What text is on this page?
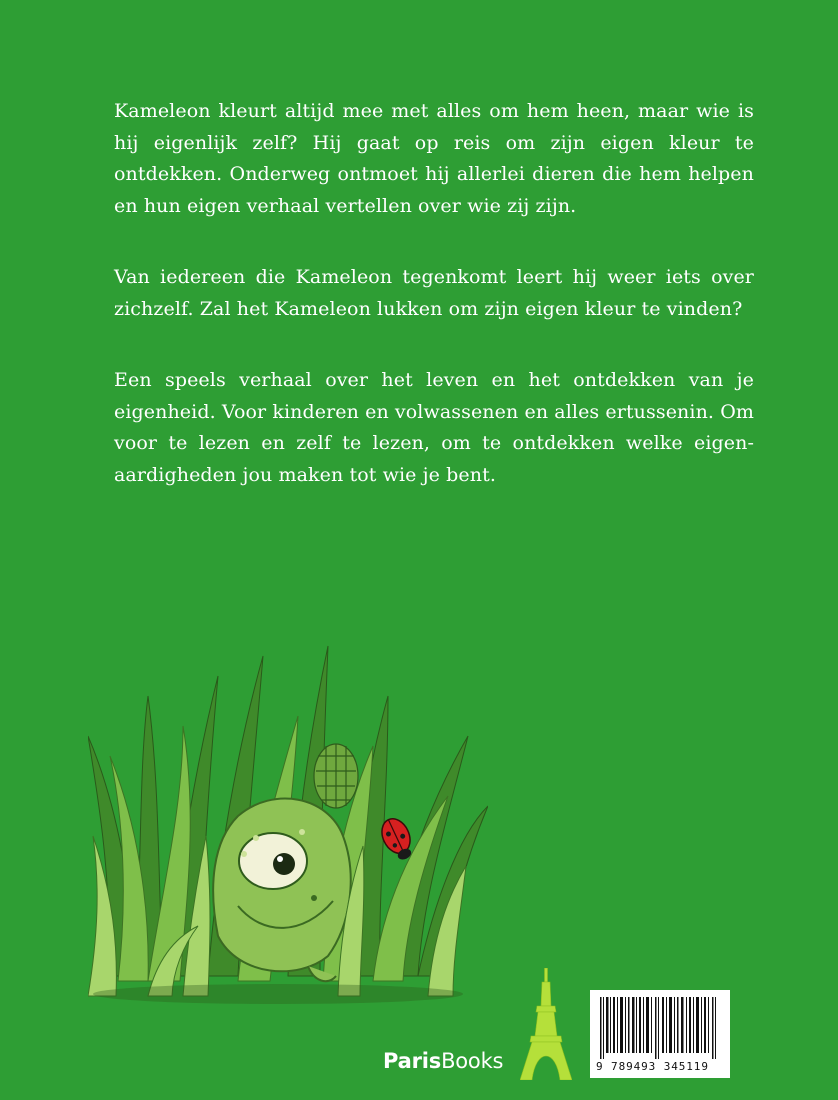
Kameleon kleurt altijd mee met alles om hem heen, maar wie is hij eigenlijk zelf? Hij gaat op reis om zijn eigen kleur te ontdekken. Onderweg ontmoet hij allerlei dieren die hem helpen en hun eigen verhaal vertellen over wie zij zijn.

Van iedereen die Kameleon tegenkomt leert hij weer iets over zichzelf. Zal het Kameleon lukken om zijn eigen kleur te vinden?

Een speels verhaal over het leven en het ontdekken van je eigenheid. Voor kinderen en volwassenen en alles ertussenin. Om voor te lezen en zelf te lezen, om te ontdekken welke eigen-aardigheden jou maken tot wie je bent.

ParisBooks	9 789493 345119
